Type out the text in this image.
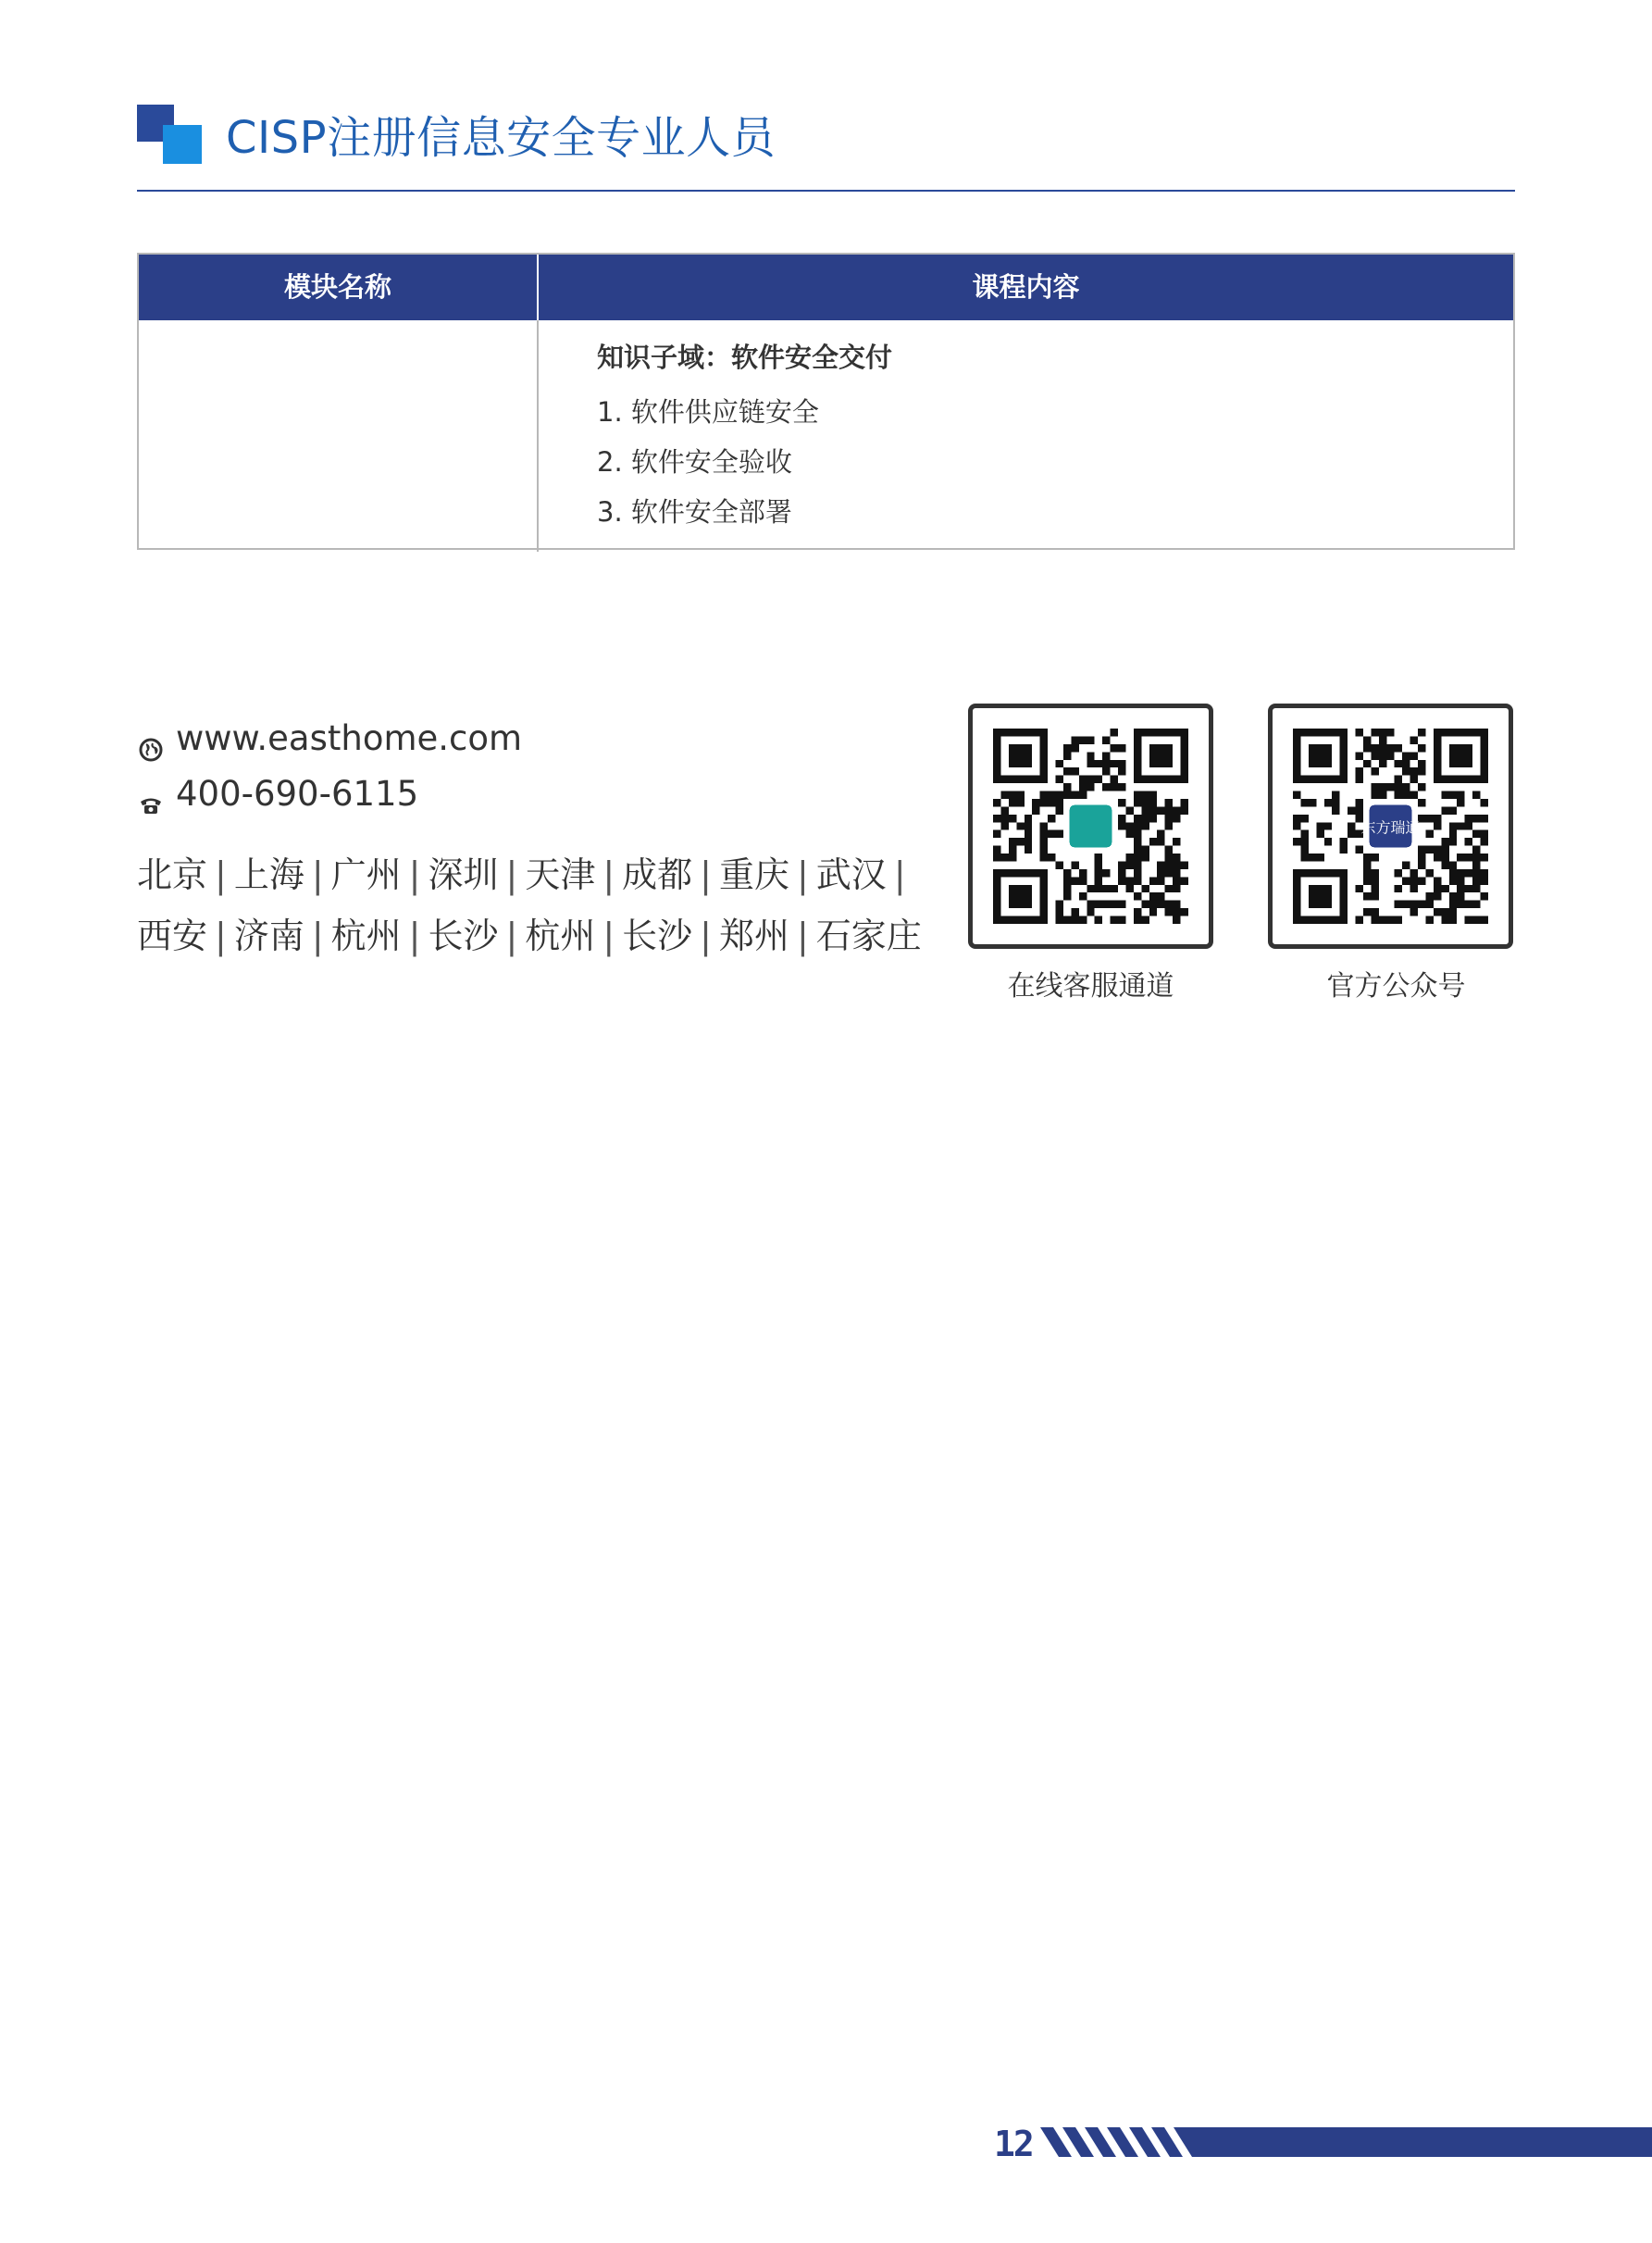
CISP注册信息安全专业人员
模块名称	课程内容
知识子域：软件安全交付
1. 软件供应链安全
2. 软件安全验收
3. 软件安全部署
www.easthome.com
400-690-6115
北京 | 上海 | 广州 | 深圳 | 天津 | 成都 | 重庆 | 武汉 |
西安 | 济南 | 杭州 | 长沙 | 杭州 | 长沙 | 郑州 | 石家庄
在线客服通道
东方瑞通
官方公众号
12
